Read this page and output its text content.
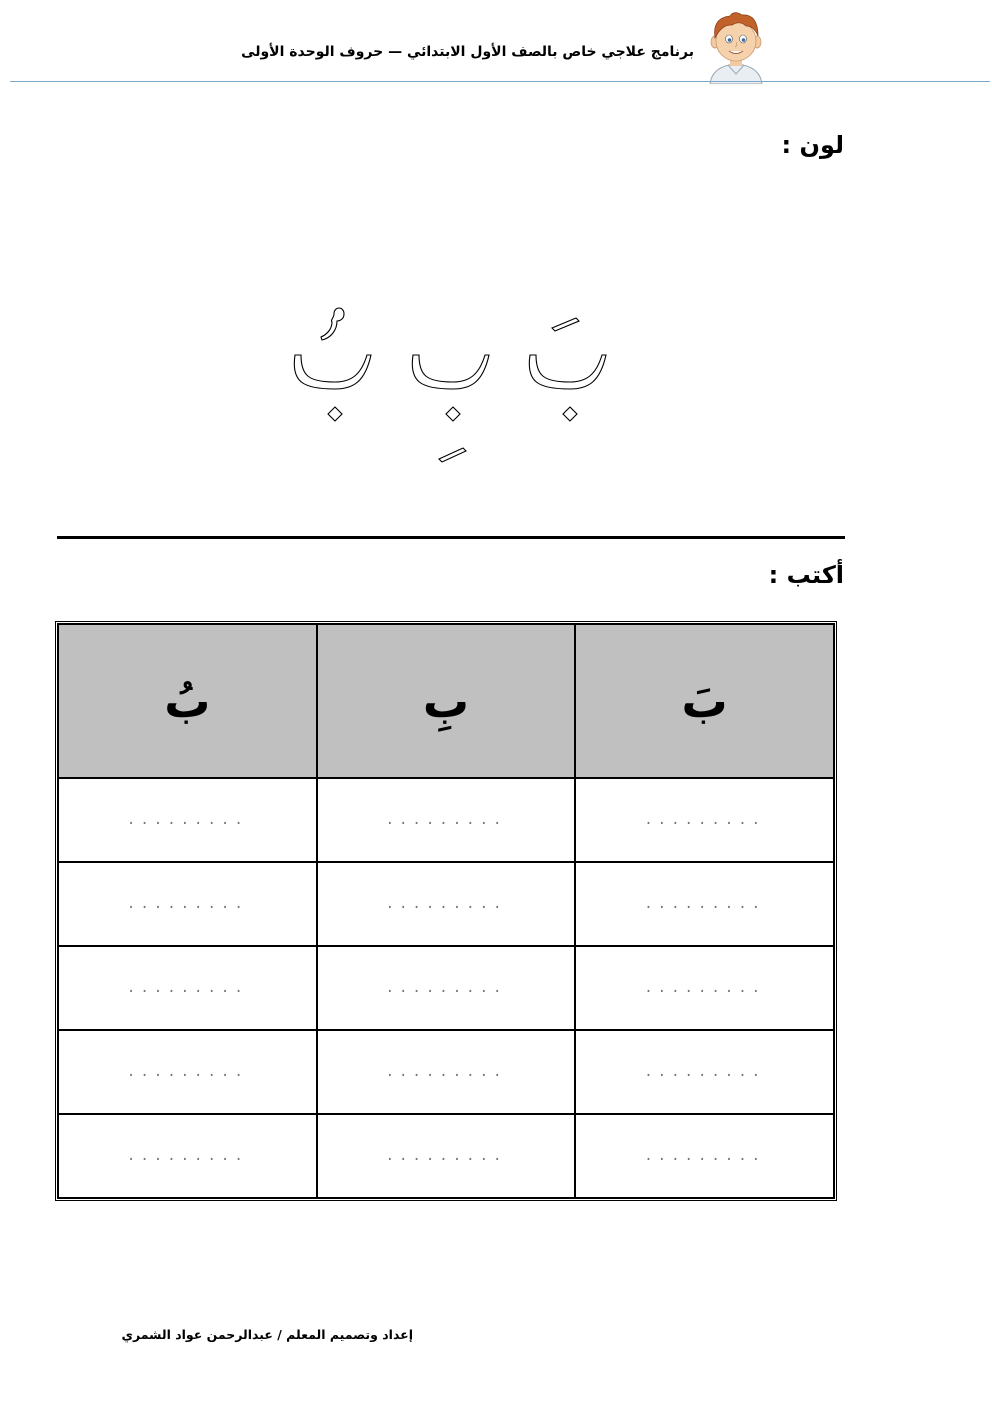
برنامج علاجي خاص بالصف الأول الابتدائي — حروف الوحدة الأولى
لون :
أكتب :
بَ	بِ	بُ
.........	.........	.........
.........	.........	.........
.........	.........	.........
.........	.........	.........
.........	.........	.........
إعداد وتصميم المعلم / عبدالرحمن عواد الشمري
